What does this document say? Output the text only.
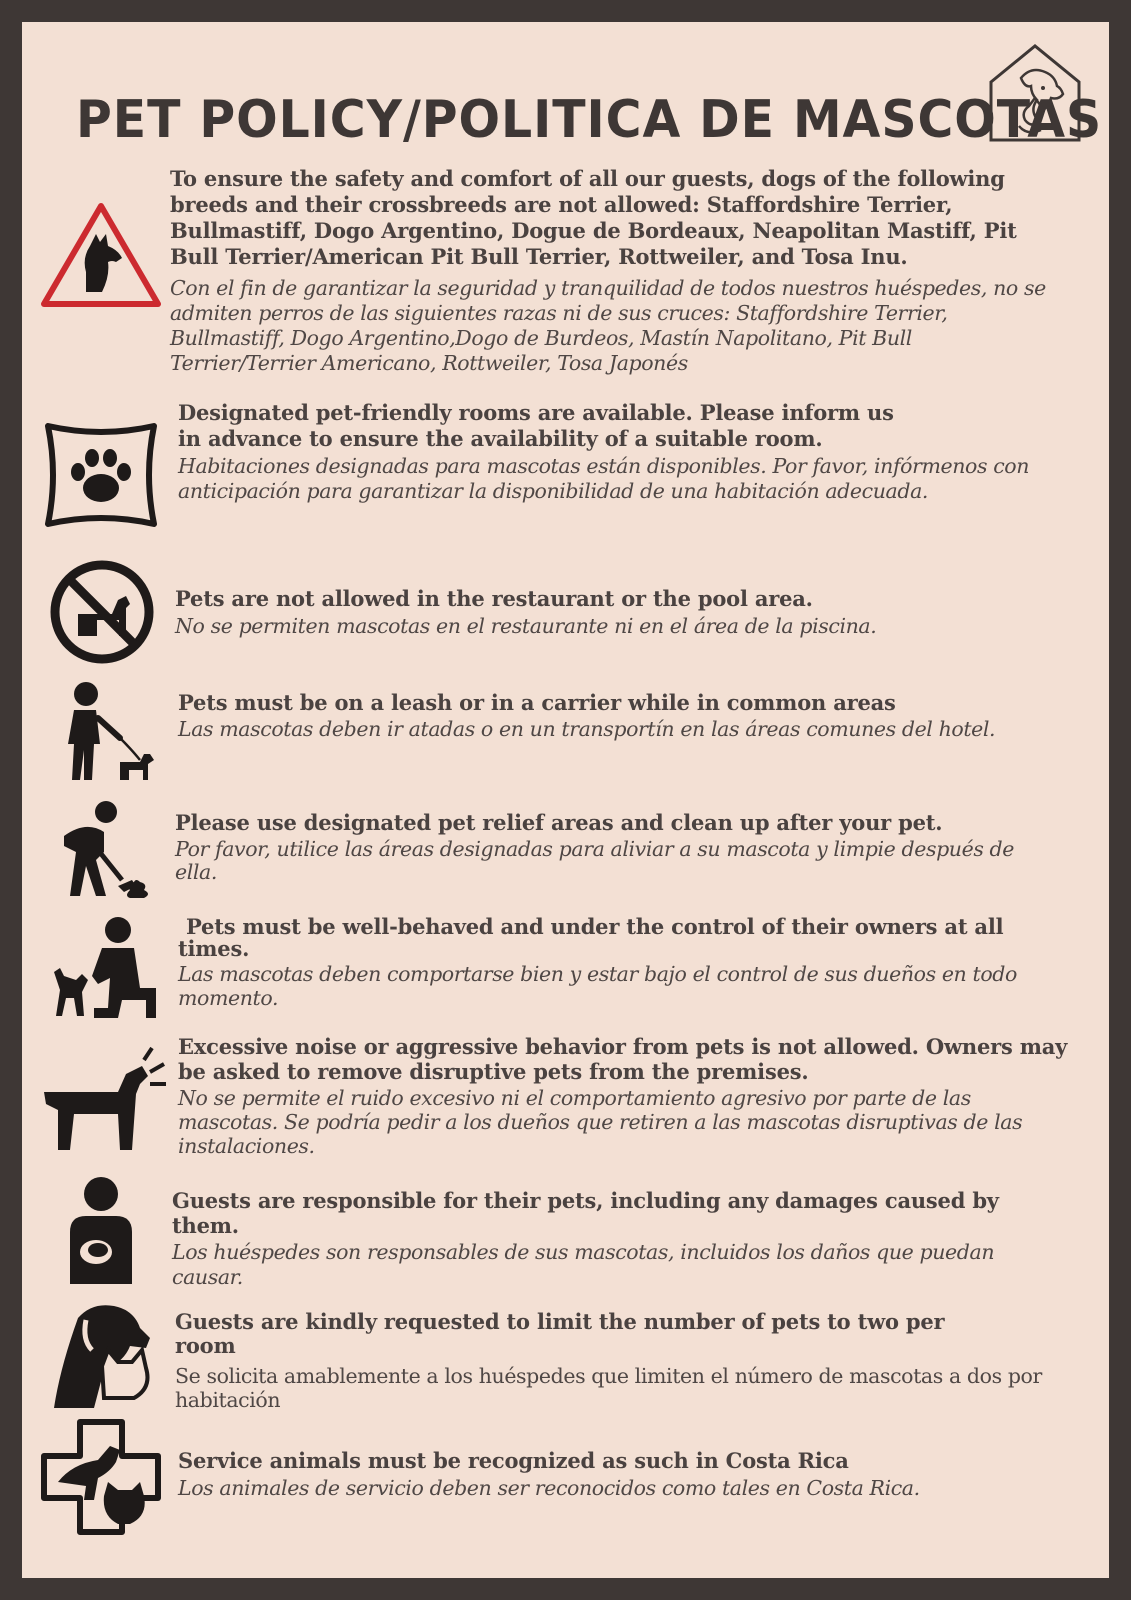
PET POLICY/POLITICA DE MASCOTAS

To ensure the safety and comfort of all our guests, dogs of the following breeds and their crossbreeds are not allowed: Staffordshire Terrier, Bullmastiff, Dogo Argentino, Dogue de Bordeaux, Neapolitan Mastiff, Pit Bull Terrier/American Pit Bull Terrier, Rottweiler, and Tosa Inu.

Con el fin de garantizar la seguridad y tranquilidad de todos nuestros huéspedes, no se admiten perros de las siguientes razas ni de sus cruces: Staffordshire Terrier, Bullmastiff, Dogo Argentino,Dogo de Burdeos, Mastín Napolitano, Pit Bull Terrier/Terrier Americano, Rottweiler, Tosa Japonés

Designated pet-friendly rooms are available. Please inform us in advance to ensure the availability of a suitable room.

Habitaciones designadas para mascotas están disponibles. Por favor, infórmenos con anticipación para garantizar la disponibilidad de una habitación adecuada.

Pets are not allowed in the restaurant or the pool area.

No se permiten mascotas en el restaurante ni en el área de la piscina.

Pets must be on a leash or in a carrier while in common areas

Las mascotas deben ir atadas o en un transportín en las áreas comunes del hotel.

Please use designated pet relief areas and clean up after your pet.

Por favor, utilice las áreas designadas para aliviar a su mascota y limpie después de ella.

Pets must be well-behaved and under the control of their owners at all times.

Las mascotas deben comportarse bien y estar bajo el control de sus dueños en todo momento.

Excessive noise or aggressive behavior from pets is not allowed. Owners may be asked to remove disruptive pets from the premises.

No se permite el ruido excesivo ni el comportamiento agresivo por parte de las mascotas. Se podría pedir a los dueños que retiren a las mascotas disruptivas de las instalaciones.

Guests are responsible for their pets, including any damages caused by them.

Los huéspedes son responsables de sus mascotas, incluidos los daños que puedan causar.

Guests are kindly requested to limit the number of pets to two per room

Se solicita amablemente a los huéspedes que limiten el número de mascotas a dos por habitación

Service animals must be recognized as such in Costa Rica

Los animales de servicio deben ser reconocidos como tales en Costa Rica.
